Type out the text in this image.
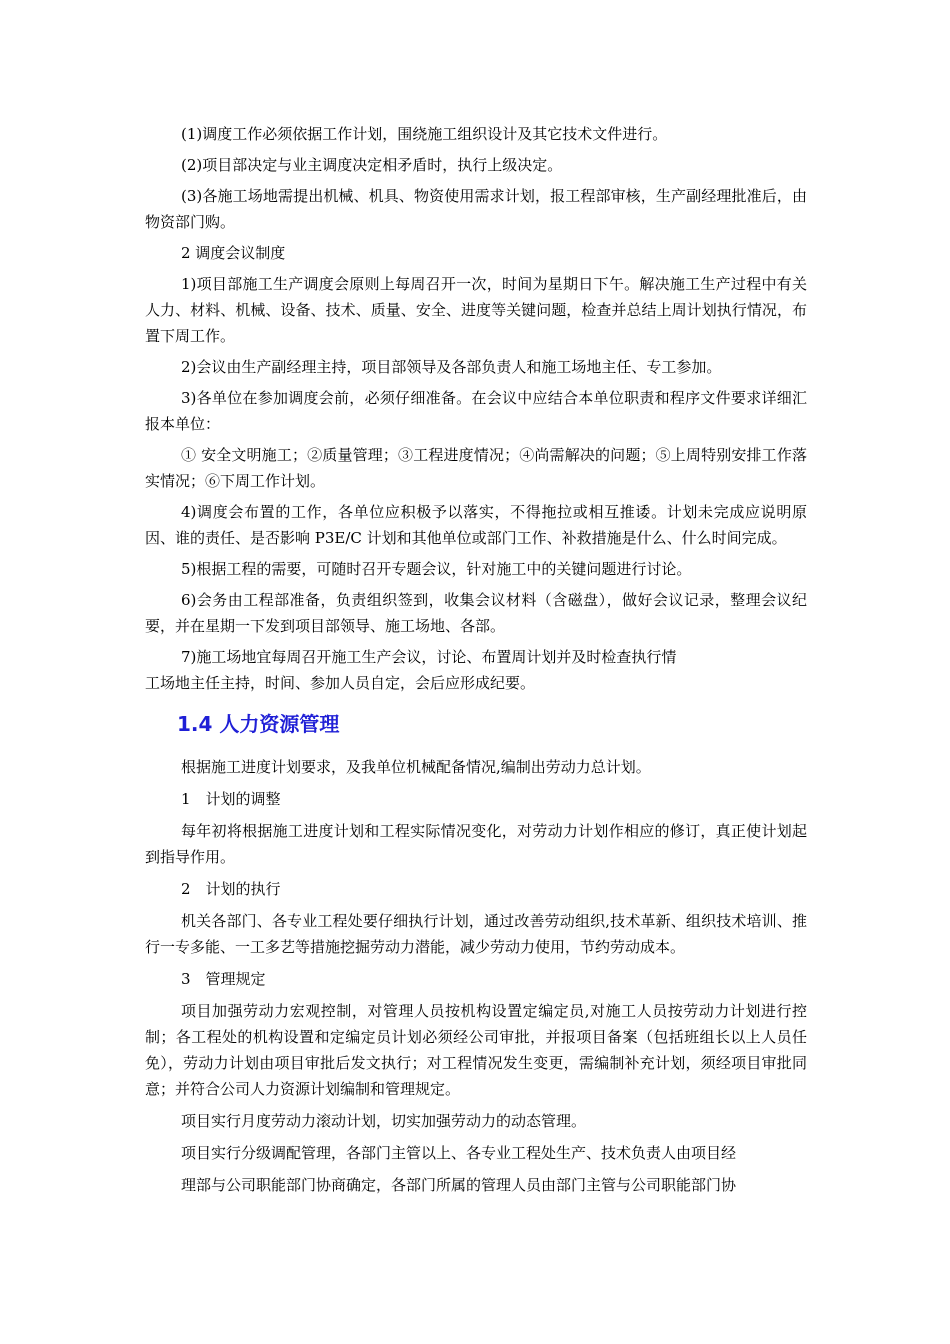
(1)调度工作必须依据工作计划，围绕施工组织设计及其它技术文件进行。

(2)项目部决定与业主调度决定相矛盾时，执行上级决定。

(3)各施工场地需提出机械、机具、物资使用需求计划，报工程部审核，生产副经理批准后，由物资部门购。

2 调度会议制度

1)项目部施工生产调度会原则上每周召开一次，时间为星期日下午。解决施工生产过程中有关人力、材料、机械、设备、技术、质量、安全、进度等关键问题，检查并总结上周计划执行情况，布置下周工作。

2)会议由生产副经理主持，项目部领导及各部负责人和施工场地主任、专工参加。

3)各单位在参加调度会前，必须仔细准备。在会议中应结合本单位职责和程序文件要求详细汇报本单位：

① 安全文明施工；②质量管理；③工程进度情况；④尚需解决的问题；⑤上周特别安排工作落实情况；⑥下周工作计划。

4)调度会布置的工作，各单位应积极予以落实，不得拖拉或相互推诿。计划未完成应说明原因、谁的责任、是否影响 P3E/C 计划和其他单位或部门工作、补救措施是什么、什么时间完成。

5)根据工程的需要，可随时召开专题会议，针对施工中的关键问题进行讨论。

6)会务由工程部准备，负责组织签到，收集会议材料（含磁盘），做好会议记录，整理会议纪要，并在星期一下发到项目部领导、施工场地、各部。

7)施工场地宜每周召开施工生产会议，讨论、布置周计划并及时检查执行情

工场地主任主持，时间、参加人员自定，会后应形成纪要。

1.4 人力资源管理

根据施工进度计划要求，及我单位机械配备情况,编制出劳动力总计划。

1　计划的调整

每年初将根据施工进度计划和工程实际情况变化，对劳动力计划作相应的修订，真正使计划起到指导作用。

2　计划的执行

机关各部门、各专业工程处要仔细执行计划，通过改善劳动组织,技术革新、组织技术培训、推行一专多能、一工多艺等措施挖掘劳动力潜能，减少劳动力使用，节约劳动成本。

3　管理规定

项目加强劳动力宏观控制，对管理人员按机构设置定编定员,对施工人员按劳动力计划进行控制；各工程处的机构设置和定编定员计划必须经公司审批，并报项目备案（包括班组长以上人员任免），劳动力计划由项目审批后发文执行；对工程情况发生变更，需编制补充计划，须经项目审批同意；并符合公司人力资源计划编制和管理规定。

项目实行月度劳动力滚动计划，切实加强劳动力的动态管理。

项目实行分级调配管理，各部门主管以上、各专业工程处生产、技术负责人由项目经

理部与公司职能部门协商确定，各部门所属的管理人员由部门主管与公司职能部门协
